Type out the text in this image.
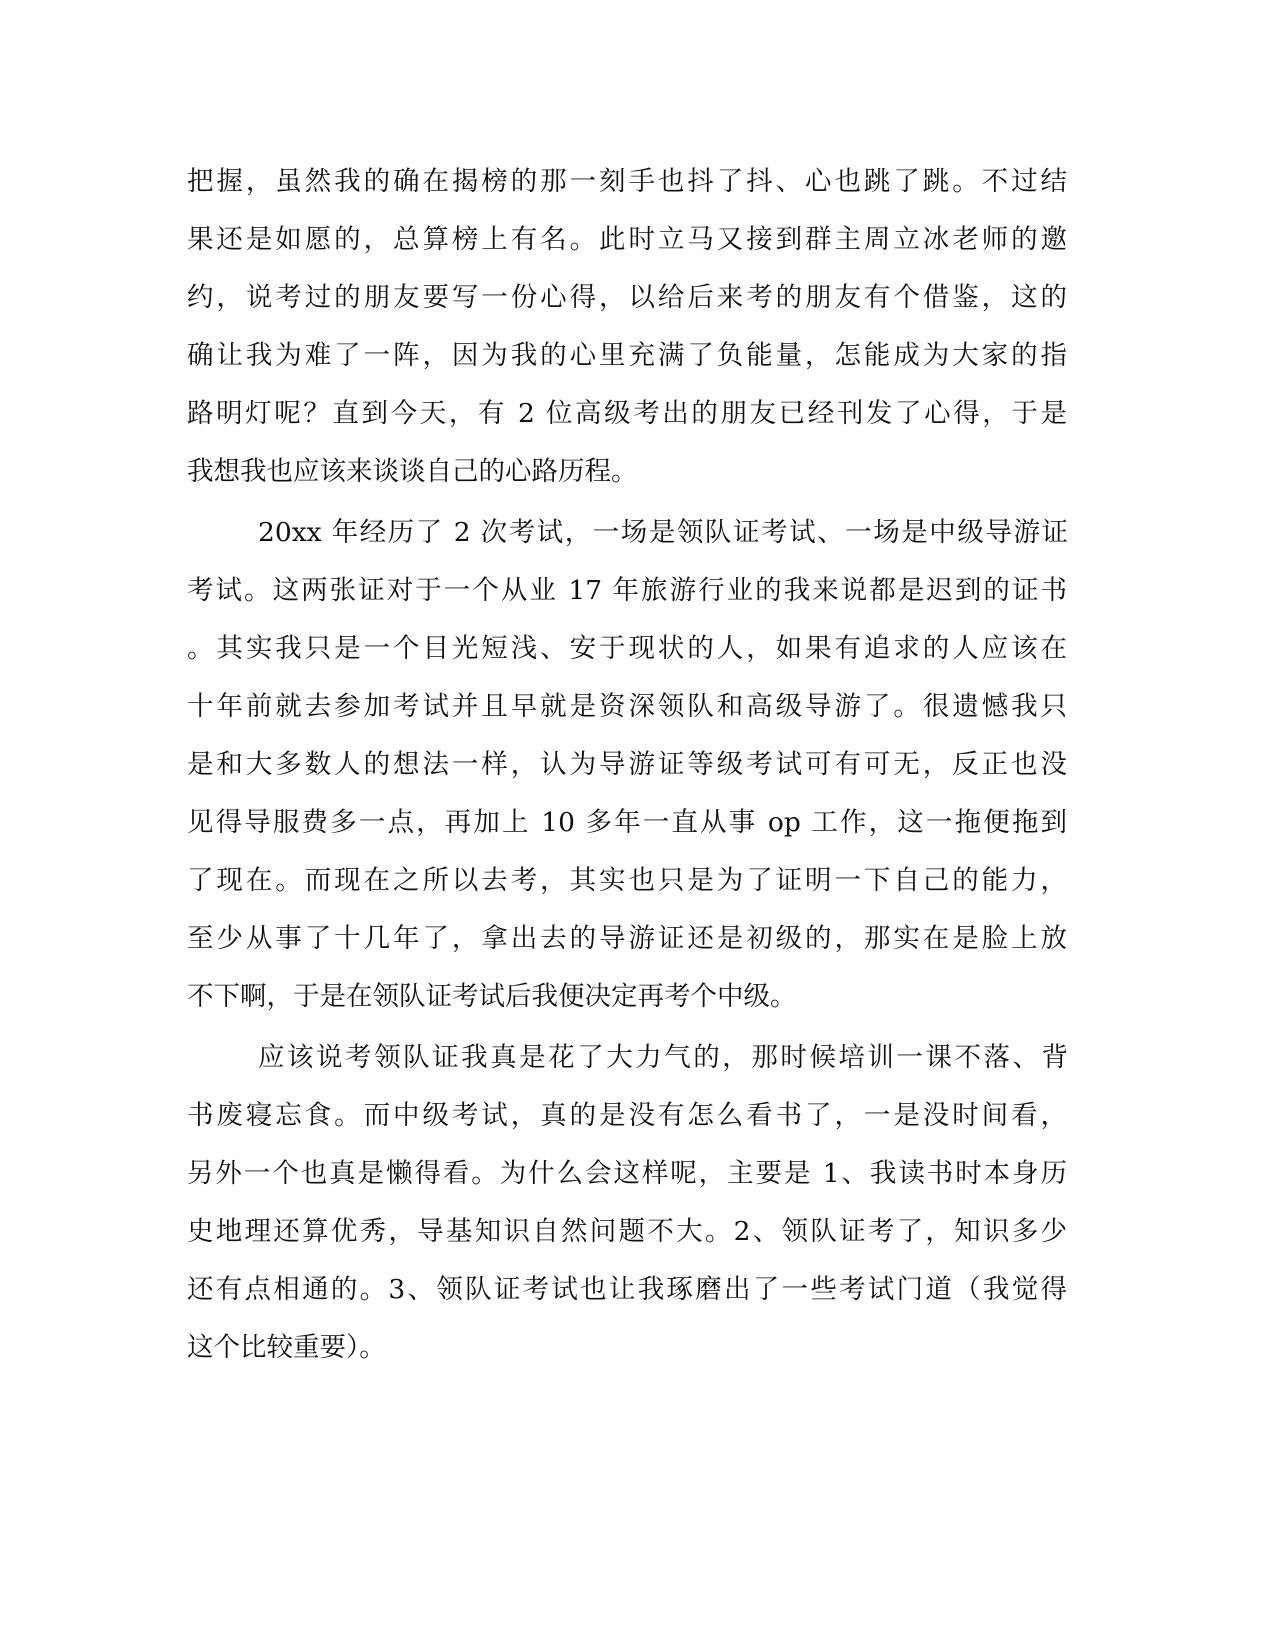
把握，虽然我的确在揭榜的那一刻手也抖了抖、心也跳了跳。不过结
果还是如愿的，总算榜上有名。此时立马又接到群主周立冰老师的邀
约，说考过的朋友要写一份心得，以给后来考的朋友有个借鉴，这的
确让我为难了一阵，因为我的心里充满了负能量，怎能成为大家的指
路明灯呢？直到今天，有 2 位高级考出的朋友已经刊发了心得，于是
我想我也应该来谈谈自己的心路历程。
20xx 年经历了 2 次考试，一场是领队证考试、一场是中级导游证
考试。这两张证对于一个从业 17 年旅游行业的我来说都是迟到的证书
。其实我只是一个目光短浅、安于现状的人，如果有追求的人应该在
十年前就去参加考试并且早就是资深领队和高级导游了。很遗憾我只
是和大多数人的想法一样，认为导游证等级考试可有可无，反正也没
见得导服费多一点，再加上 10 多年一直从事 op 工作，这一拖便拖到
了现在。而现在之所以去考，其实也只是为了证明一下自己的能力，
至少从事了十几年了，拿出去的导游证还是初级的，那实在是脸上放
不下啊，于是在领队证考试后我便决定再考个中级。
应该说考领队证我真是花了大力气的，那时候培训一课不落、背
书废寝忘食。而中级考试，真的是没有怎么看书了，一是没时间看，
另外一个也真是懒得看。为什么会这样呢，主要是 1、我读书时本身历
史地理还算优秀，导基知识自然问题不大。2、领队证考了，知识多少
还有点相通的。3、领队证考试也让我琢磨出了一些考试门道（我觉得
这个比较重要）。
